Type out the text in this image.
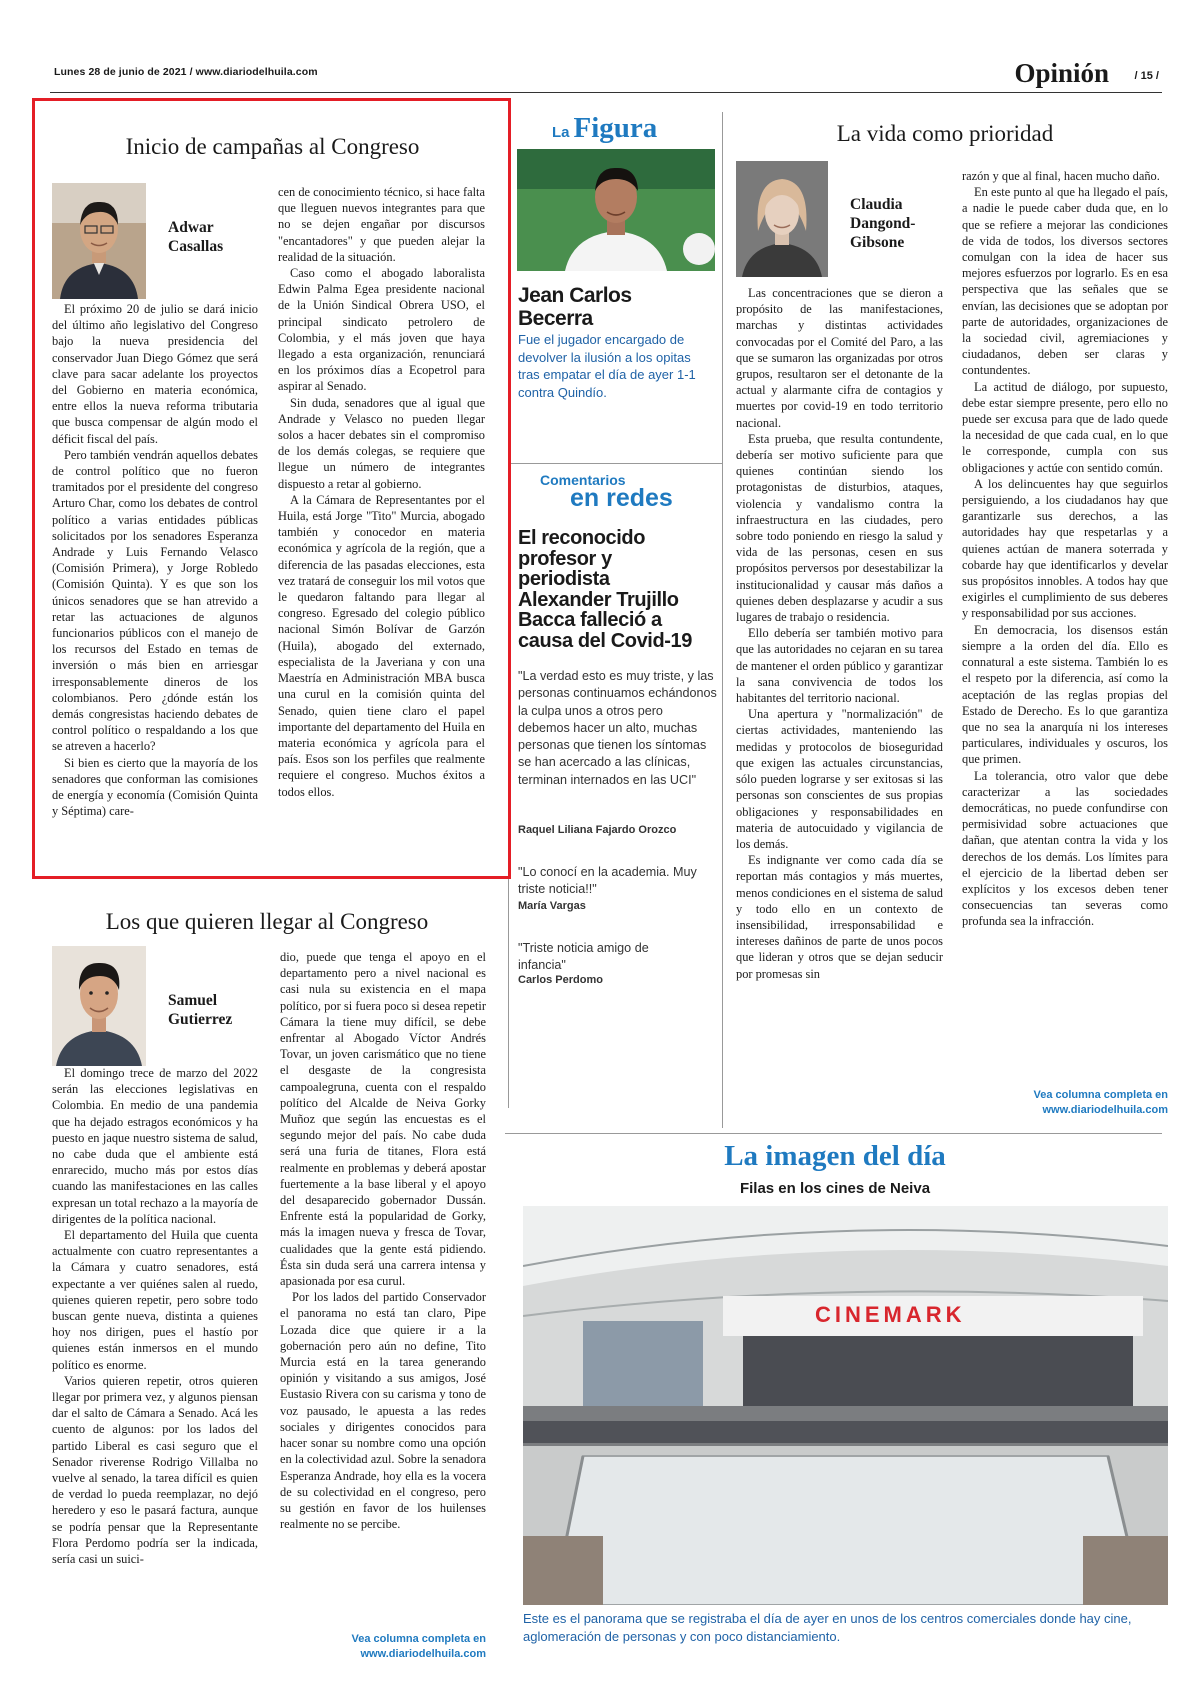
Lunes 28 de junio de 2021 / www.diariodelhuila.com	Opinión / 15 /
Inicio de campañas al Congreso
Adwar
Casallas

El próximo 20 de julio se dará inicio del último año legislativo del Congreso bajo la nueva presidencia del conservador Juan Diego Gómez que será clave para sacar adelante los proyectos del Gobierno en materia económica, entre ellos la nueva reforma tributaria que busca compensar de algún modo el déficit fiscal del país.

Pero también vendrán aquellos debates de control político que no fueron tramitados por el presidente del congreso Arturo Char, como los debates de control político a varias entidades públicas solicitados por los senadores Esperanza Andrade y Luis Fernando Velasco (Comisión Primera), y Jorge Robledo (Comisión Quinta). Y es que son los únicos senadores que se han atrevido a retar las actuaciones de algunos funcionarios públicos con el manejo de los recursos del Estado en temas de inversión o más bien en arriesgar irresponsablemente dineros de los colombianos. Pero ¿dónde están los demás congresistas haciendo debates de control político o respaldando a los que se atreven a hacerlo?

Si bien es cierto que la mayoría de los senadores que conforman las comisiones de energía y economía (Comisión Quinta y Séptima) care-

cen de conocimiento técnico, si hace falta que lleguen nuevos integrantes para que no se dejen engañar por discursos "encantadores" y que pueden alejar la realidad de la situación.

Caso como el abogado laboralista Edwin Palma Egea presidente nacional de la Unión Sindical Obrera USO, el principal sindicato petrolero de Colombia, y el más joven que haya llegado a esta organización, renunciará en los próximos días a Ecopetrol para aspirar al Senado.

Sin duda, senadores que al igual que Andrade y Velasco no pueden llegar solos a hacer debates sin el compromiso de los demás colegas, se requiere que llegue un número de integrantes dispuesto a retar al gobierno.

A la Cámara de Representantes por el Huila, está Jorge "Tito" Murcia, abogado también y conocedor en materia económica y agrícola de la región, que a diferencia de las pasadas elecciones, esta vez tratará de conseguir los mil votos que le quedaron faltando para llegar al congreso. Egresado del colegio público nacional Simón Bolívar de Garzón (Huila), abogado del externado, especialista de la Javeriana y con una Maestría en Administración MBA busca una curul en la comisión quinta del Senado, quien tiene claro el papel importante del departamento del Huila en materia económica y agrícola para el país. Esos son los perfiles que realmente requiere el congreso. Muchos éxitos a todos ellos.

Los que quieren llegar al Congreso
Samuel
Gutierrez

El domingo trece de marzo del 2022 serán las elecciones legislativas en Colombia. En medio de una pandemia que ha dejado estragos económicos y ha puesto en jaque nuestro sistema de salud, no cabe duda que el ambiente está enrarecido, mucho más por estos días cuando las manifestaciones en las calles expresan un total rechazo a la mayoría de dirigentes de la política nacional.

El departamento del Huila que cuenta actualmente con cuatro representantes a la Cámara y cuatro senadores, está expectante a ver quiénes salen al ruedo, quienes quieren repetir, pero sobre todo buscan gente nueva, distinta a quienes hoy nos dirigen, pues el hastío por quienes están inmersos en el mundo político es enorme.

Varios quieren repetir, otros quieren llegar por primera vez, y algunos piensan dar el salto de Cámara a Senado. Acá les cuento de algunos: por los lados del partido Liberal es casi seguro que el Senador riverense Rodrigo Villalba no vuelve al senado, la tarea difícil es quien de verdad lo pueda reemplazar, no dejó heredero y eso le pasará factura, aunque se podría pensar que la Representante Flora Perdomo podría ser la indicada, sería casi un suici-

dio, puede que tenga el apoyo en el departamento pero a nivel nacional es casi nula su existencia en el mapa político, por si fuera poco si desea repetir Cámara la tiene muy difícil, se debe enfrentar al Abogado Víctor Andrés Tovar, un joven carismático que no tiene el desgaste de la congresista campoalegruna, cuenta con el respaldo político del Alcalde de Neiva Gorky Muñoz que según las encuestas es el segundo mejor del país. No cabe duda será una furia de titanes, Flora está realmente en problemas y deberá apostar fuertemente a la base liberal y el apoyo del desaparecido gobernador Dussán. Enfrente está la popularidad de Gorky, más la imagen nueva y fresca de Tovar, cualidades que la gente está pidiendo. Ésta sin duda será una carrera intensa y apasionada por esa curul.

Por los lados del partido Conservador el panorama no está tan claro, Pipe Lozada dice que quiere ir a la gobernación pero aún no define, Tito Murcia está en la tarea generando opinión y visitando a sus amigos, José Eustasio Rivera con su carisma y tono de voz pausado, le apuesta a las redes sociales y dirigentes conocidos para hacer sonar su nombre como una opción en la colectividad azul. Sobre la senadora Esperanza Andrade, hoy ella es la vocera de su colectividad en el congreso, pero su gestión en favor de los huilenses realmente no se percibe.

Vea columna completa en
www.diariodelhuila.com
La Figura
Jean Carlos
Becerra
Fue el jugador encargado de devolver la ilusión a los opitas tras empatar el día de ayer 1-1 contra Quindío.
Comentarios
en redes
El reconocido
profesor y
periodista
Alexander Trujillo
Bacca falleció a
causa del Covid-19
"La verdad esto es muy triste, y las personas continuamos echándonos la culpa unos a otros pero debemos hacer un alto, muchas personas que tienen los síntomas se han acercado a las clínicas, terminan internados en las UCI"
Raquel Liliana Fajardo Orozco
"Lo conocí en la academia. Muy triste noticia!!"
María Vargas
"Triste noticia amigo de infancia"
Carlos Perdomo
La vida como prioridad
Claudia
Dangond-
Gibsone

Las concentraciones que se dieron a propósito de las manifestaciones, marchas y distintas actividades convocadas por el Comité del Paro, a las que se sumaron las organizadas por otros grupos, resultaron ser el detonante de la actual y alarmante cifra de contagios y muertes por covid-19 en todo territorio nacional.

Esta prueba, que resulta contundente, debería ser motivo suficiente para que quienes continúan siendo los protagonistas de disturbios, ataques, violencia y vandalismo contra la infraestructura en las ciudades, pero sobre todo poniendo en riesgo la salud y vida de las personas, cesen en sus propósitos perversos por desestabilizar la institucionalidad y causar más daños a quienes deben desplazarse y acudir a sus lugares de trabajo o residencia.

Ello debería ser también motivo para que las autoridades no cejaran en su tarea de mantener el orden público y garantizar la sana convivencia de todos los habitantes del territorio nacional.

Una apertura y "normalización" de ciertas actividades, manteniendo las medidas y protocolos de bioseguridad que exigen las actuales circunstancias, sólo pueden lograrse y ser exitosas si las personas son conscientes de sus propias obligaciones y responsabilidades en materia de autocuidado y vigilancia de los demás.

Es indignante ver como cada día se reportan más contagios y más muertes, menos condiciones en el sistema de salud y todo ello en un contexto de insensibilidad, irresponsabilidad e intereses dañinos de parte de unos pocos que lideran y otros que se dejan seducir por promesas sin

razón y que al final, hacen mucho daño.

En este punto al que ha llegado el país, a nadie le puede caber duda que, en lo que se refiere a mejorar las condiciones de vida de todos, los diversos sectores comulgan con la idea de hacer sus mejores esfuerzos por lograrlo. Es en esa perspectiva que las señales que se envían, las decisiones que se adoptan por parte de autoridades, organizaciones de la sociedad civil, agremiaciones y ciudadanos, deben ser claras y contundentes.

La actitud de diálogo, por supuesto, debe estar siempre presente, pero ello no puede ser excusa para que de lado quede la necesidad de que cada cual, en lo que le corresponde, cumpla con sus obligaciones y actúe con sentido común.

A los delincuentes hay que seguirlos persiguiendo, a los ciudadanos hay que garantizarle sus derechos, a las autoridades hay que respetarlas y a quienes actúan de manera soterrada y cobarde hay que identificarlos y develar sus propósitos innobles. A todos hay que exigirles el cumplimiento de sus deberes y responsabilidad por sus acciones.

En democracia, los disensos están siempre a la orden del día. Ello es connatural a este sistema. También lo es el respeto por la diferencia, así como la aceptación de las reglas propias del Estado de Derecho. Es lo que garantiza que no sea la anarquía ni los intereses particulares, individuales y oscuros, los que primen.

La tolerancia, otro valor que debe caracterizar a las sociedades democráticas, no puede confundirse con permisividad sobre actuaciones que dañan, que atentan contra la vida y los derechos de los demás. Los límites para el ejercicio de la libertad deben ser explícitos y los excesos deben tener consecuencias tan severas como profunda sea la infracción.

Vea columna completa en
www.diariodelhuila.com
La imagen del día
Filas en los cines de Neiva
CINEMARK
Este es el panorama que se registraba el día de ayer en unos de los centros comerciales donde hay cine, aglomeración de personas y con poco distanciamiento.
